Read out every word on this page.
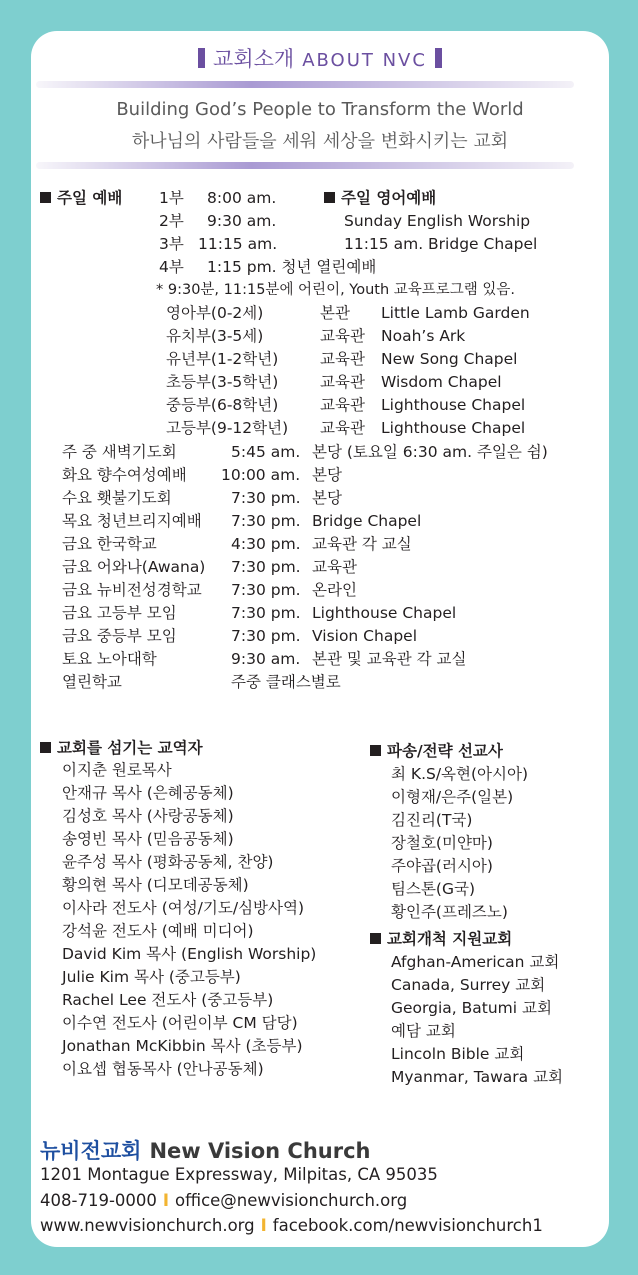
교회소개 ABOUT NVC
Building God’s People to Transform the World
하나님의 사람들을 세워 세상을 변화시키는 교회
주일 예배 1부 8:00 am.
2부 9:30 am.
3부 11:15 am.
4부 1:15 pm. 청년 열린예배
주일 영어예배
Sunday English Worship
11:15 am. Bridge Chapel
* 9:30분, 11:15분에 어린이, Youth 교육프로그램 있음.
영아부(0-2세)	본관 Little Lamb Garden
유치부(3-5세)	교육관 Noah’s Ark
유년부(1-2학년)	교육관 New Song Chapel
초등부(3-5학년)	교육관 Wisdom Chapel
중등부(6-8학년)	교육관 Lighthouse Chapel
고등부(9-12학년) 교육관 Lighthouse Chapel
주 중 새벽기도회	5:45 am. 본당 (토요일 6:30 am. 주일은 쉼)
화요 향수여성예배 10:00 am. 본당
수요 횃불기도회	7:30 pm. 본당
목요 청년브리지예배 7:30 pm. Bridge Chapel
금요 한국학교	4:30 pm. 교육관 각 교실
금요 어와나(Awana) 7:30 pm. 교육관
금요 뉴비전성경학교 7:30 pm. 온라인
금요 고등부 모임	7:30 pm. Lighthouse Chapel
금요 중등부 모임	7:30 pm. Vision Chapel
토요 노아대학	9:30 am. 본관 및 교육관 각 교실
열린학교	주중 클래스별로
교회를 섬기는 교역자
이지춘 원로목사
안재규 목사 (은혜공동체)
김성호 목사 (사랑공동체)
송영빈 목사 (믿음공동체)
윤주성 목사 (평화공동체, 찬양)
황의현 목사 (디모데공동체)
이사라 전도사 (여성/기도/심방사역)
강석윤 전도사 (예배 미디어)
David Kim 목사 (English Worship)
Julie Kim 목사 (중고등부)
Rachel Lee 전도사 (중고등부)
이수연 전도사 (어린이부 CM 담당)
Jonathan McKibbin 목사 (초등부)
이요셉 협동목사 (안나공동체)
파송/전략 선교사
최 K.S/옥현(아시아)
이형재/은주(일본)
김진리(T국)
장철호(미얀마)
주야곱(러시아)
팀스톤(G국)
황인주(프레즈노)
교회개척 지원교회
Afghan-American 교회
Canada, Surrey 교회
Georgia, Batumi 교회
예담 교회
Lincoln Bible 교회
Myanmar, Tawara 교회
뉴비전교회 New Vision Church
1201 Montague Expressway, Milpitas, CA 95035
408-719-0000 I office@newvisionchurch.org
www.newvisionchurch.org I facebook.com/newvisionchurch1
